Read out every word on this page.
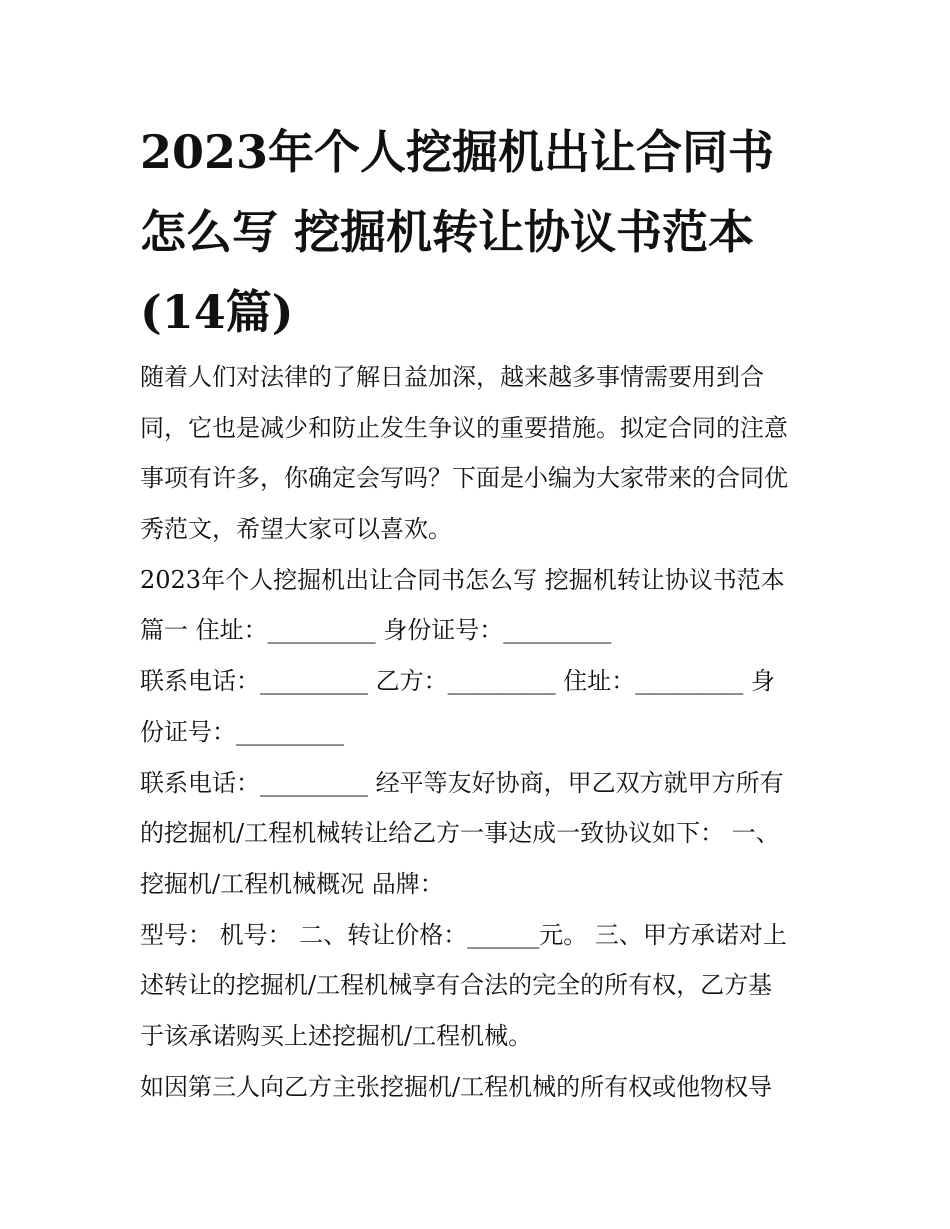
2023年个人挖掘机出让合同书
怎么写 挖掘机转让协议书范本
(14篇)

随着人们对法律的了解日益加深，越来越多事情需要用到合
同，它也是减少和防止发生争议的重要措施。拟定合同的注意
事项有许多，你确定会写吗？下面是小编为大家带来的合同优
秀范文，希望大家可以喜欢。

2023年个人挖掘机出让合同书怎么写 挖掘机转让协议书范本
篇一 住址：_________ 身份证号：_________

联系电话：_________ 乙方：_________ 住址：_________ 身
份证号：_________

联系电话：_________ 经平等友好协商，甲乙双方就甲方所有
的挖掘机/工程机械转让给乙方一事达成一致协议如下： 一、
挖掘机/工程机械概况 品牌：

型号： 机号： 二、转让价格：______元。 三、甲方承诺对上
述转让的挖掘机/工程机械享有合法的完全的所有权，乙方基
于该承诺购买上述挖掘机/工程机械。

如因第三人向乙方主张挖掘机/工程机械的所有权或他物权导
